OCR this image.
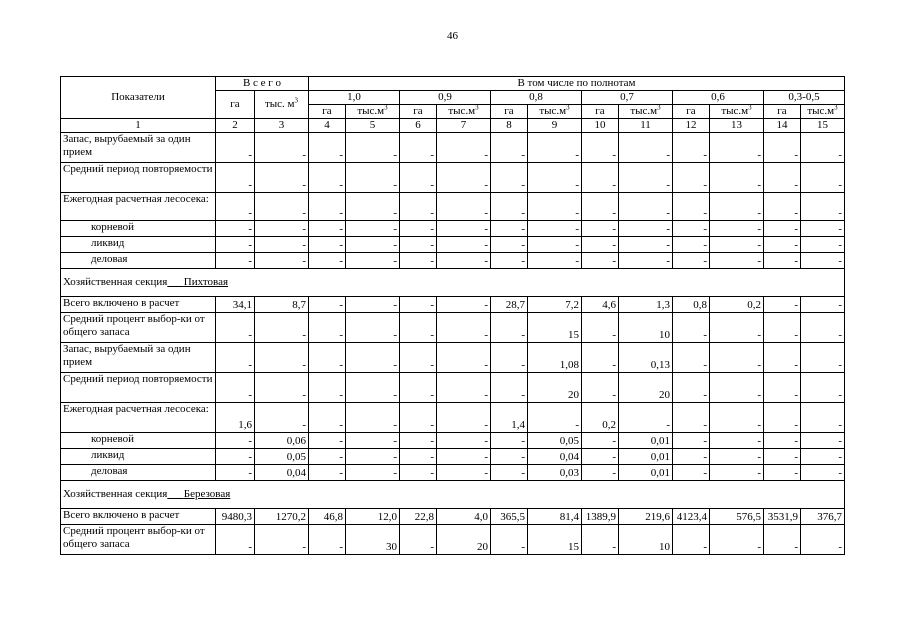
46
Показатели	В с е г о		В том числе по полнотам											
	га	тыс. $м^3$	1,0		0,9		0,8		0,7		0,6		0,3-0,5	
			га	$тыс.м^3$	га	$тыс.м^3$	га	$тыс.м^3$	га	$тыс.м^3$	га	$тыс.м^3$	га	$тыс.м^3$
1	2	3	4	5	6	7	8	9	10	11	12	13	14	15
Запас, вырубаемый за один прием	-	-	-	-	-	-	-	-	-	-	-	-	-	-
Средний период повторяемости	-	-	-	-	-	-	-	-	-	-	-	-	-	-
Ежегодная расчетная лесосека:	-	-	-	-	-	-	-	-	-	-	-	-	-	-
корневой	-	-	-	-	-	-	-	-	-	-	-	-	-	-
ликвид	-	-	-	-	-	-	-	-	-	-	-	-	-	-
деловая	-	-	-	-	-	-	-	-	-	-	-	-	-	-
Хозяйственная секция Пихтовая														
Всего включено в расчет	34,1	8,7	-	-	-	-	28,7	7,2	4,6	1,3	0,8	0,2	-	-
Средний процент выбор-ки от общего запаса	-	-	-	-	-	-	-	15	-	10	-	-	-	-
Запас, вырубаемый за один прием	-	-	-	-	-	-	-	1,08	-	0,13	-	-	-	-
Средний период повторяемости	-	-	-	-	-	-	-	20	-	20	-	-	-	-
Ежегодная расчетная лесосека:	1,6	-	-	-	-	-	1,4	-	0,2	-	-	-	-	-
корневой	-	0,06	-	-	-	-	-	0,05	-	0,01	-	-	-	-
ликвид	-	0,05	-	-	-	-	-	0,04	-	0,01	-	-	-	-
деловая	-	0,04	-	-	-	-	-	0,03	-	0,01	-	-	-	-
Хозяйственная секция Березовая														
Всего включено в расчет	9480,3	1270,2	46,8	12,0	22,8	4,0	365,5	81,4	1389,9	219,6	4123,4	576,5	3531,9	376,7
Средний процент выбор-ки от общего запаса	-	-	-	30	-	20	-	15	-	10	-	-	-	-
